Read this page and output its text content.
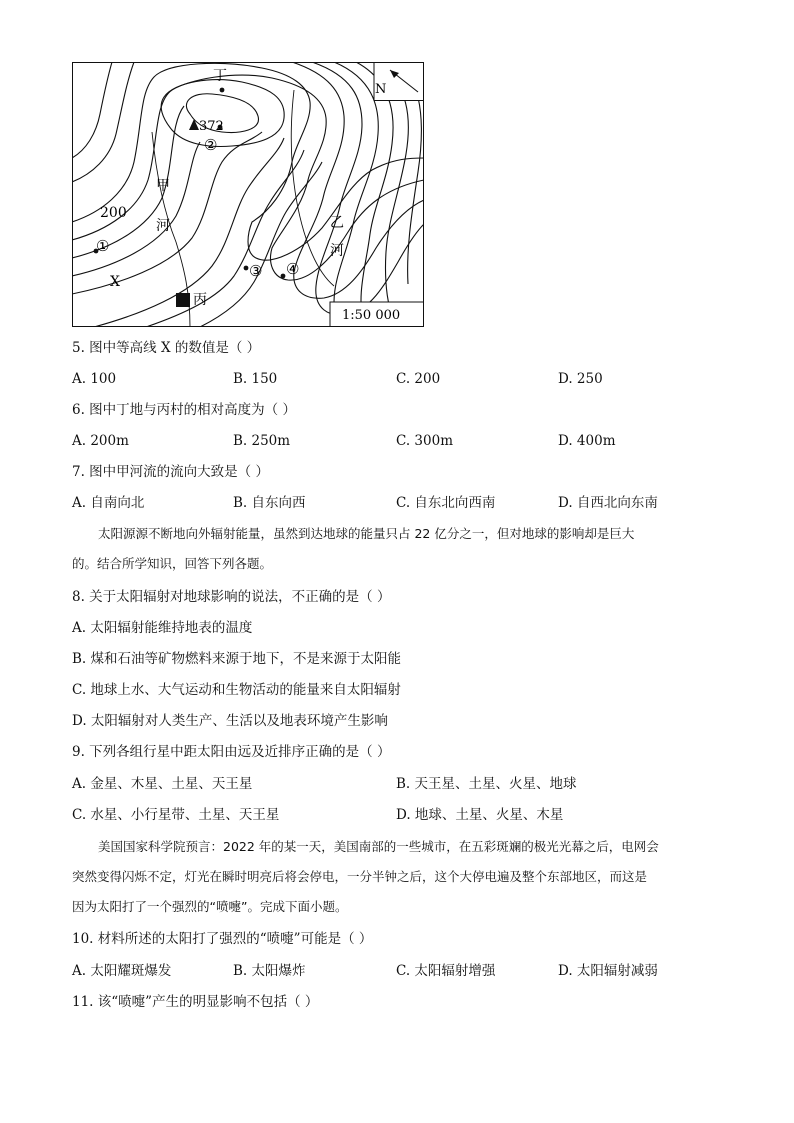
丁
372
②
甲
河
200
①
X
③ ④
丙
乙
河
N
1:50 000
5. 图中等高线 X 的数值是（ ）
A. 100	B. 150	C. 200	D. 250
6. 图中丁地与丙村的相对高度为（ ）
A. 200m	B. 250m	C. 300m	D. 400m
7. 图中甲河流的流向大致是（ ）
A. 自南向北	B. 自东向西	C. 自东北向西南	D. 自西北向东南
太阳源源不断地向外辐射能量，虽然到达地球的能量只占 22 亿分之一，但对地球的影响却是巨大
的。结合所学知识，回答下列各题。
8. 关于太阳辐射对地球影响的说法，不正确的是（ ）
A. 太阳辐射能维持地表的温度
B. 煤和石油等矿物燃料来源于地下，不是来源于太阳能
C. 地球上水、大气运动和生物活动的能量来自太阳辐射
D. 太阳辐射对人类生产、生活以及地表环境产生影响
9. 下列各组行星中距太阳由远及近排序正确的是（ ）
A. 金星、木星、土星、天王星	B. 天王星、土星、火星、地球
C. 水星、小行星带、土星、天王星	D. 地球、土星、火星、木星
美国国家科学院预言：2022 年的某一天，美国南部的一些城市，在五彩斑斓的极光光幕之后，电网会
突然变得闪烁不定，灯光在瞬时明亮后将会停电，一分半钟之后，这个大停电遍及整个东部地区，而这是
因为太阳打了一个强烈的“喷嚏”。完成下面小题。
10. 材料所述的太阳打了强烈的“喷嚏”可能是（ ）
A. 太阳耀斑爆发	B. 太阳爆炸	C. 太阳辐射增强	D. 太阳辐射减弱
11. 该“喷嚏”产生的明显影响不包括（ ）
